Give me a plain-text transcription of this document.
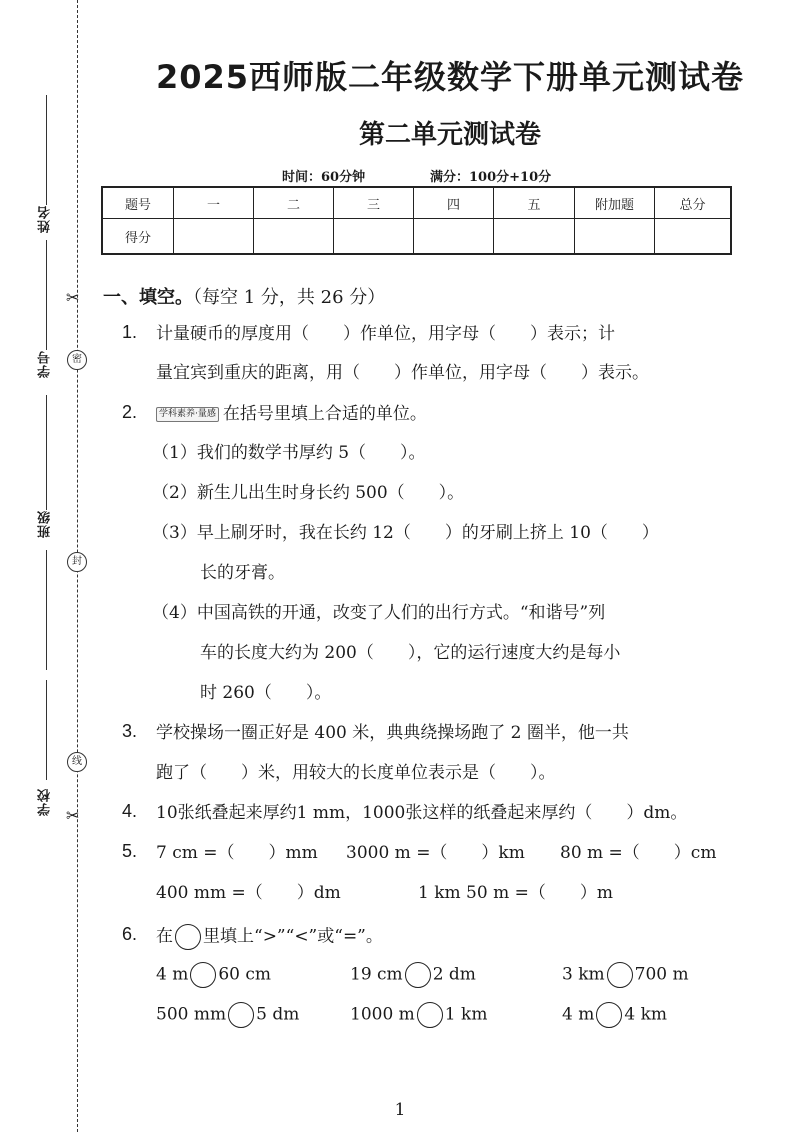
姓名
✂
学号	密
班级
封
线
学校 ✂
2025西师版二年级数学下册单元测试卷
第二单元测试卷
时间：60分钟	满分：100分+10分
题号	一	二	三	四	五	附加题	总分
得分							
一、填空。（每空 1 分，共 26 分）
1. 计量硬币的厚度用（　　）作单位，用字母（　　）表示；计
量宜宾到重庆的距离，用（　　）作单位，用字母（　　）表示。
2.	学科素养·量感 在括号里填上合适的单位。
（1）我们的数学书厚约 5（　　）。
（2）新生儿出生时身长约 500（　　）。
（3）早上刷牙时，我在长约 12（　　）的牙刷上挤上 10（　　）
长的牙膏。
（4）中国高铁的开通，改变了人们的出行方式。“和谐号”列
车的长度大约为 200（　　），它的运行速度大约是每小
时 260（　　）。
3. 学校操场一圈正好是 400 米，典典绕操场跑了 2 圈半，他一共
跑了（　　）米，用较大的长度单位表示是（　　）。
4. 10张纸叠起来厚约1 mm，1000张这样的纸叠起来厚约（　　）dm。
5. 7 cm =（　　）mm 3000 m =（　　）km 80 m =（　　）cm
400 mm =（　　）dm	1 km 50 m =（　　）m
6. 在 里填上“>”“<”或“=”。
4 m 60 cm	19 cm 2 dm	3 km 700 m
500 mm 5 dm	1000 m 1 km	4 m 4 km
1
